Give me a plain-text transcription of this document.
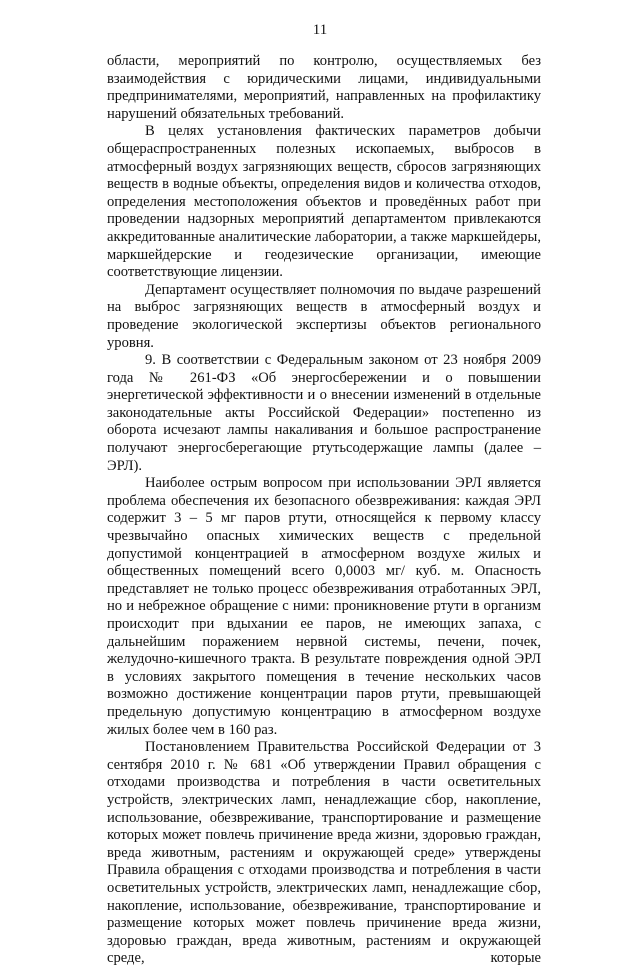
11

области, мероприятий по контролю, осуществляемых без взаимодействия с юридическими лицами, индивидуальными предпринимателями, мероприятий, направленных на профилактику нарушений обязательных требований.

В целях установления фактических параметров добычи общераспространенных полезных ископаемых, выбросов в атмосферный воздух загрязняющих веществ, сбросов загрязняющих веществ в водные объекты, определения видов и количества отходов, определения местоположения объектов и проведённых работ при проведении надзорных мероприятий департаментом привлекаются аккредитованные аналитические лаборатории, а также маркшейдеры, маркшейдерские и геодезические организации, имеющие соответствующие лицензии.

Департамент осуществляет полномочия по выдаче разрешений на выброс загрязняющих веществ в атмосферный воздух и проведение экологической экспертизы объектов регионального уровня.

9. В соответствии с Федеральным законом от 23 ноября 2009 года № 261-ФЗ «Об энергосбережении и о повышении энергетической эффективности и о внесении изменений в отдельные законодательные акты Российской Федерации» постепенно из оборота исчезают лампы накаливания и большое распространение получают энергосберегающие ртутьсодержащие лампы (далее – ЭРЛ).

Наиболее острым вопросом при использовании ЭРЛ является проблема обеспечения их безопасного обезвреживания: каждая ЭРЛ содержит 3 – 5 мг паров ртути, относящейся к первому классу чрезвычайно опасных химических веществ с предельной допустимой концентрацией в атмосферном воздухе жилых и общественных помещений всего 0,0003 мг/ куб. м. Опасность представляет не только процесс обезвреживания отработанных ЭРЛ, но и небрежное обращение с ними: проникновение ртути в организм происходит при вдыхании ее паров, не имеющих запаха, с дальнейшим поражением нервной системы, печени, почек, желудочно-кишечного тракта. В результате повреждения одной ЭРЛ в условиях закрытого помещения в течение нескольких часов возможно достижение концентрации паров ртути, превышающей предельную допустимую концентрацию в атмосферном воздухе жилых более чем в 160 раз.

Постановлением Правительства Российской Федерации от 3 сентября 2010 г. № 681 «Об утверждении Правил обращения с отходами производства и потребления в части осветительных устройств, электрических ламп, ненадлежащие сбор, накопление, использование, обезвреживание, транспортирование и размещение которых может повлечь причинение вреда жизни, здоровью граждан, вреда животным, растениям и окружающей среде» утверждены Правила обращения с отходами производства и потребления в части осветительных устройств, электрических ламп, ненадлежащие сбор, накопление, использование, обезвреживание, транспортирование и размещение которых может повлечь причинение вреда жизни, здоровью граждан, вреда животным, растениям и окружающей среде, которые
